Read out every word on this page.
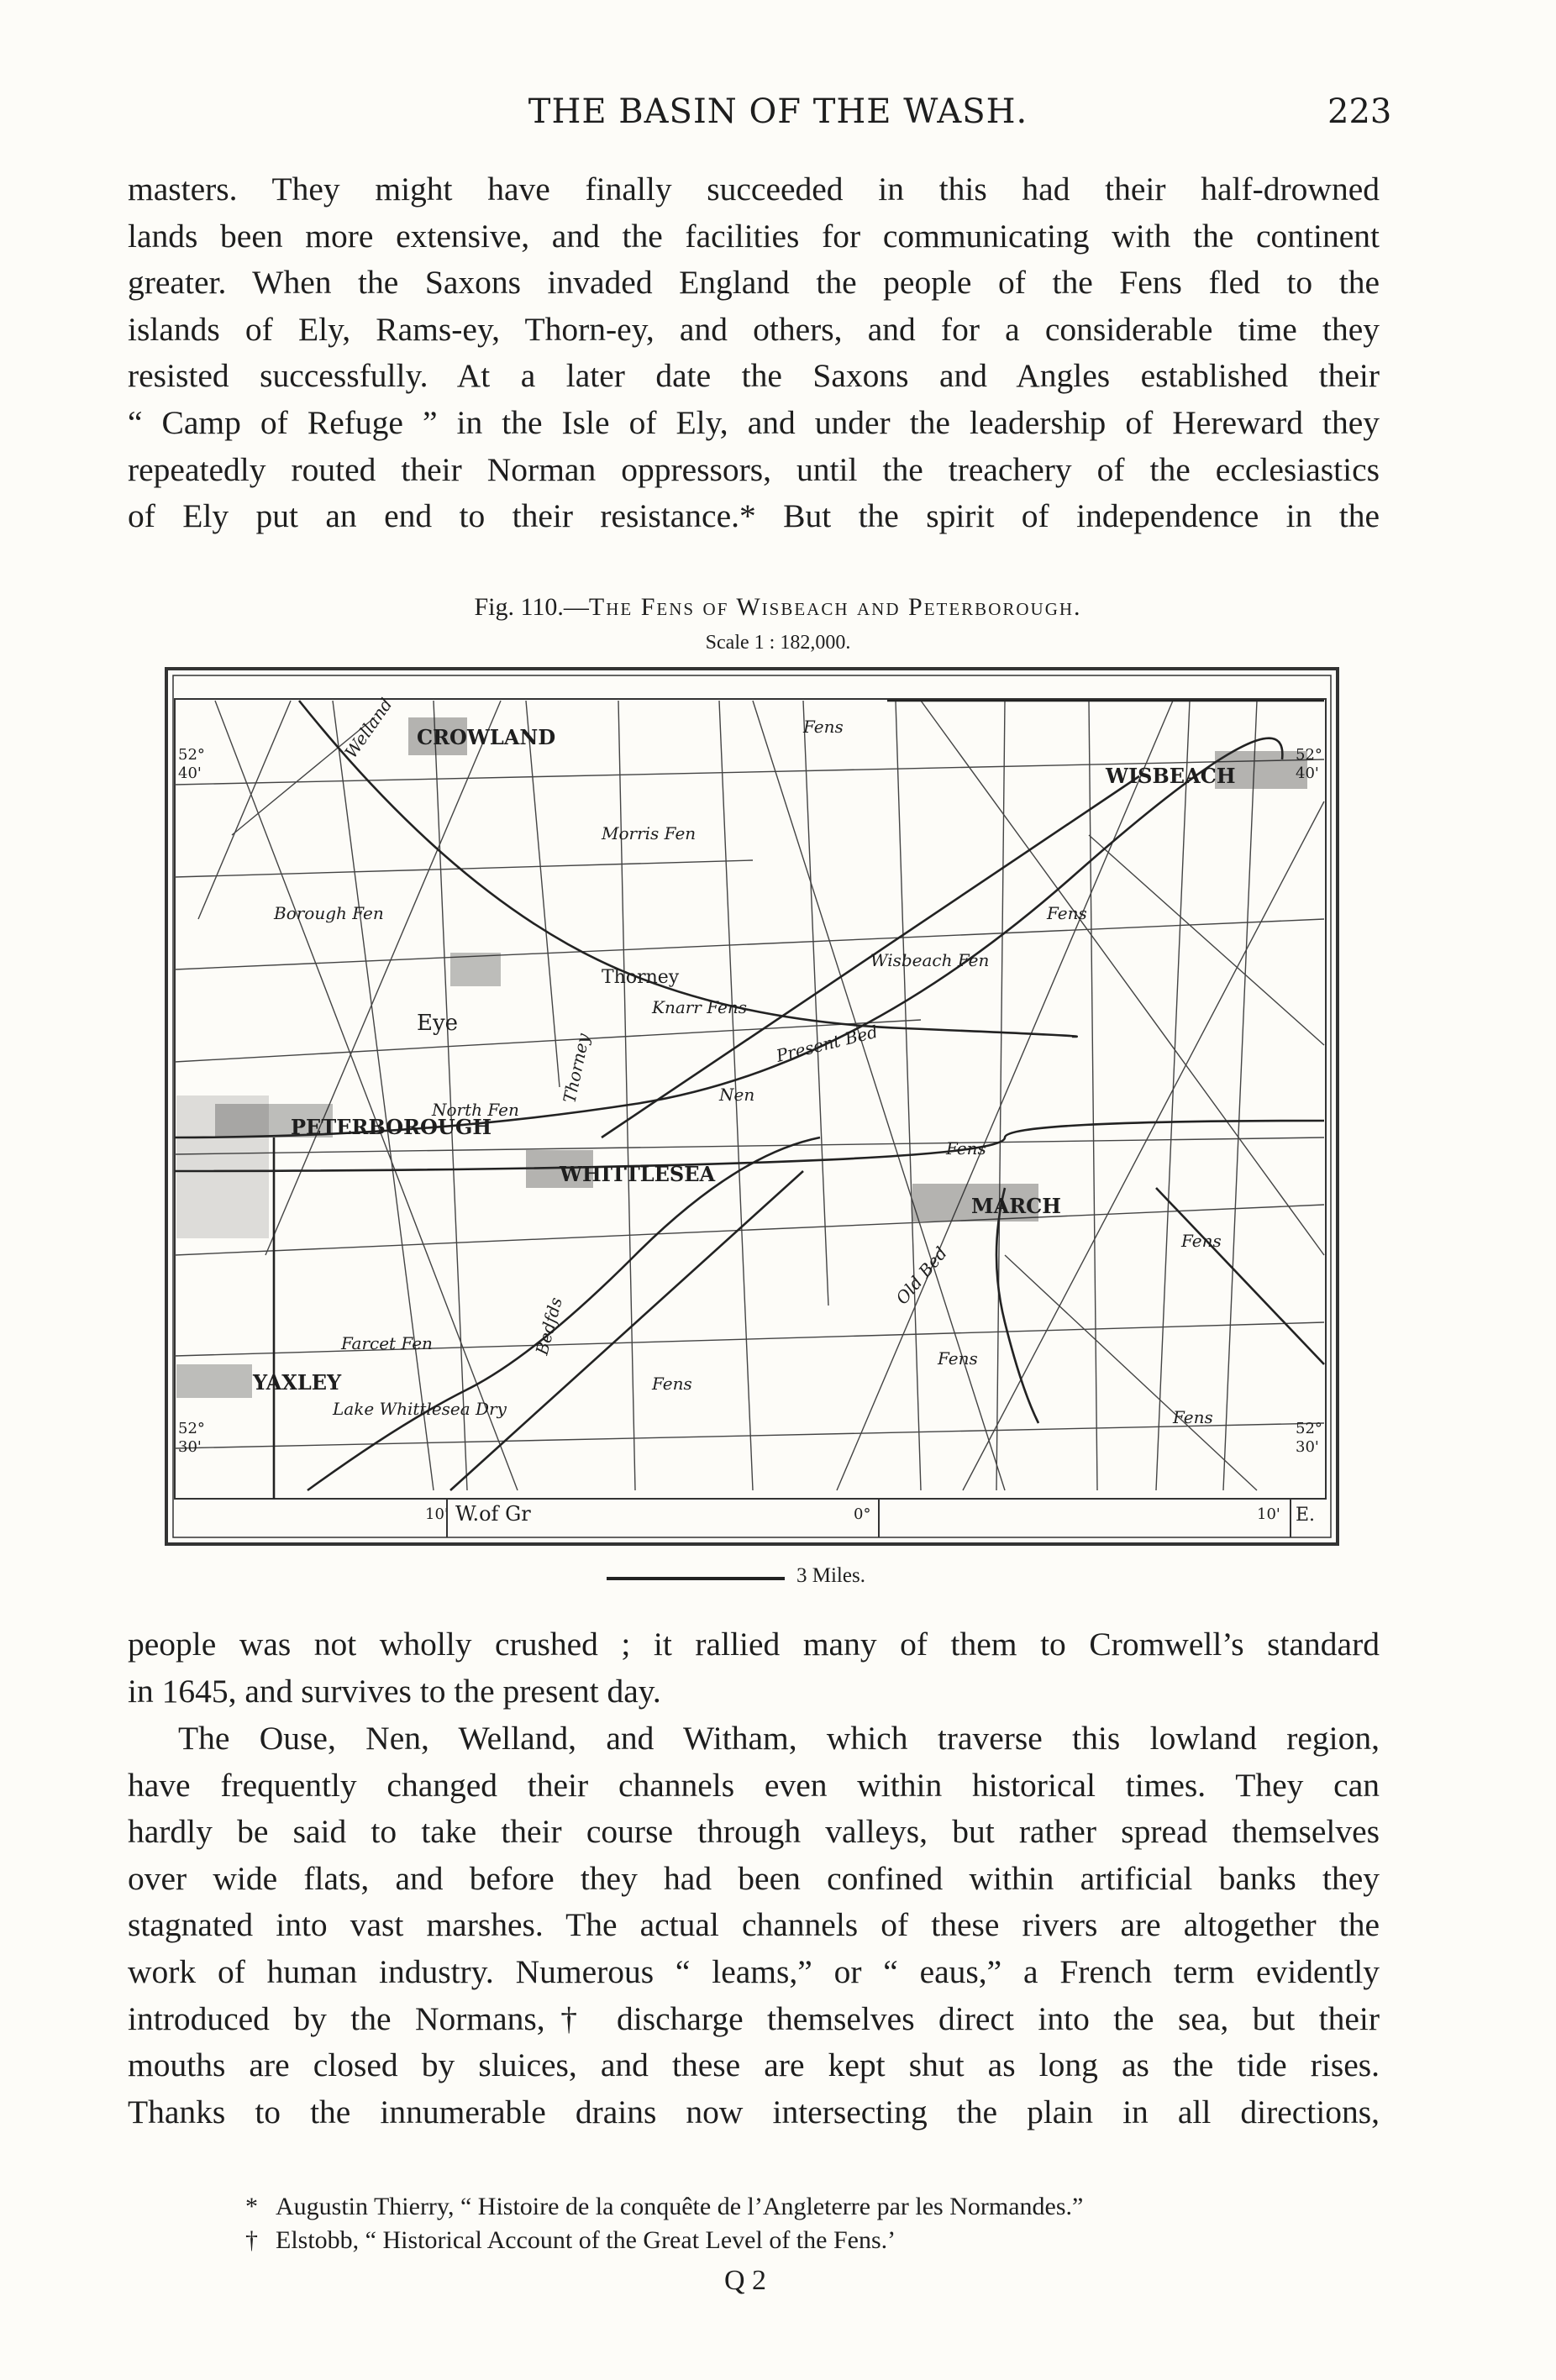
THE BASIN OF THE WASH.	223
masters. They might have finally succeeded in this had their half-drowned
lands been more extensive, and the facilities for communicating with the continent
greater. When the Saxons invaded England the people of the Fens fled to the
islands of Ely, Rams-ey, Thorn-ey, and others, and for a considerable time they
resisted successfully. At a later date the Saxons and Angles established their
“ Camp of Refuge ” in the Isle of Ely, and under the leadership of Hereward they
repeatedly routed their Norman oppressors, until the treachery of the ecclesiastics
of Ely put an end to their resistance.* But the spirit of independence in the
Fig. 110.—The Fens of Wisbeach and Peterborough.
Scale 1 : 182,000.
CROWLAND
WISBEACH
PETERBOROUGH
WHITTLESEA
MARCH
YAXLEY
Eye
Thorney
Morris Fen
Borough Fen
Wisbeach Fen
Knarr Fens
North Fen
Farcet Fen
Lake Whittlesea Dry
Present Bed
Old Bed
Nen
Thorney
Welland
Bedfds
Fens
Fens
Fens
Fens
Fens
Fens
Fens
52°
40'
52°
40'
52°
30'
52°
30'
10' W.of Gr	0°	10' E.
3 Miles.
people was not wholly crushed ; it rallied many of them to Cromwell’s standard
in 1645, and survives to the present day.
The Ouse, Nen, Welland, and Witham, which traverse this lowland region,
have frequently changed their channels even within historical times. They can
hardly be said to take their course through valleys, but rather spread themselves
over wide flats, and before they had been confined within artificial banks they
stagnated into vast marshes. The actual channels of these rivers are altogether the
work of human industry. Numerous “ leams,” or “ eaus,” a French term evidently
introduced by the Normans,† discharge themselves direct into the sea, but their
mouths are closed by sluices, and these are kept shut as long as the tide rises.
Thanks to the innumerable drains now intersecting the plain in all directions,
* Augustin Thierry, “ Histoire de la conquête de l’Angleterre par les Normandes.”
† Elstobb, “ Historical Account of the Great Level of the Fens.’
Q 2
